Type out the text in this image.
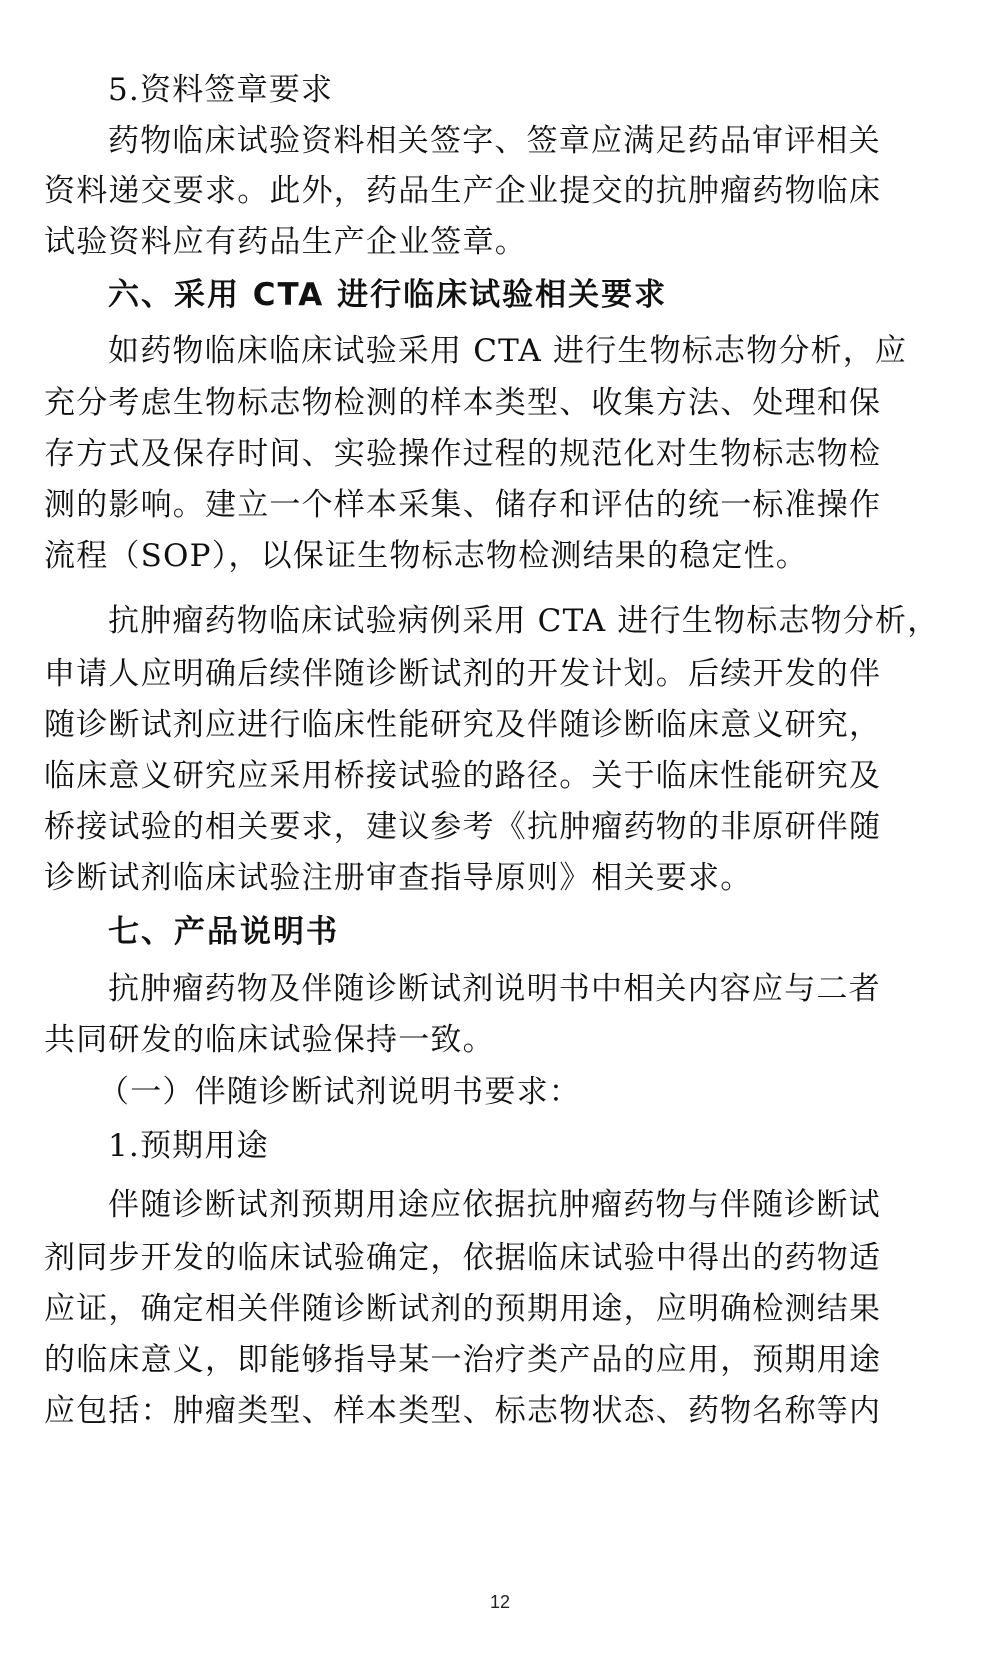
5.资料签章要求
药物临床试验资料相关签字、签章应满足药品审评相关
资料递交要求。此外，药品生产企业提交的抗肿瘤药物临床
试验资料应有药品生产企业签章。
六、采用 CTA 进行临床试验相关要求
如药物临床临床试验采用 CTA 进行生物标志物分析，应
充分考虑生物标志物检测的样本类型、收集方法、处理和保
存方式及保存时间、实验操作过程的规范化对生物标志物检
测的影响。建立一个样本采集、储存和评估的统一标准操作
流程（SOP），以保证生物标志物检测结果的稳定性。
抗肿瘤药物临床试验病例采用 CTA 进行生物标志物分析，
申请人应明确后续伴随诊断试剂的开发计划。后续开发的伴
随诊断试剂应进行临床性能研究及伴随诊断临床意义研究，
临床意义研究应采用桥接试验的路径。关于临床性能研究及
桥接试验的相关要求，建议参考《抗肿瘤药物的非原研伴随
诊断试剂临床试验注册审查指导原则》相关要求。
七、产品说明书
抗肿瘤药物及伴随诊断试剂说明书中相关内容应与二者
共同研发的临床试验保持一致。
（一）伴随诊断试剂说明书要求：
1.预期用途
伴随诊断试剂预期用途应依据抗肿瘤药物与伴随诊断试
剂同步开发的临床试验确定，依据临床试验中得出的药物适
应证，确定相关伴随诊断试剂的预期用途，应明确检测结果
的临床意义，即能够指导某一治疗类产品的应用，预期用途
应包括：肿瘤类型、样本类型、标志物状态、药物名称等内
12
